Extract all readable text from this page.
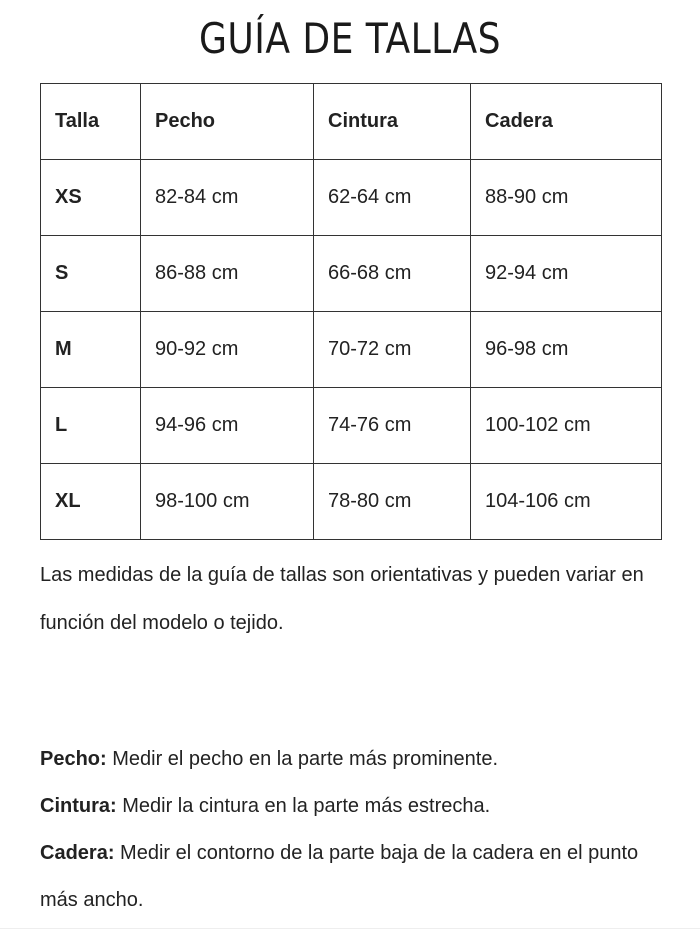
GUÍA DE TALLAS
Talla	Pecho	Cintura	Cadera
XS	82-84 cm	62-64 cm	88-90 cm
S	86-88 cm	66-68 cm	92-94 cm
M	90-92 cm	70-72 cm	96-98 cm
L	94-96 cm	74-76 cm	100-102 cm
XL	98-100 cm	78-80 cm	104-106 cm

Las medidas de la guía de tallas son orientativas y pueden variar en función del modelo o tejido.

Pecho: Medir el pecho en la parte más prominente.
Cintura: Medir la cintura en la parte más estrecha.
Cadera: Medir el contorno de la parte baja de la cadera en el punto más ancho.
